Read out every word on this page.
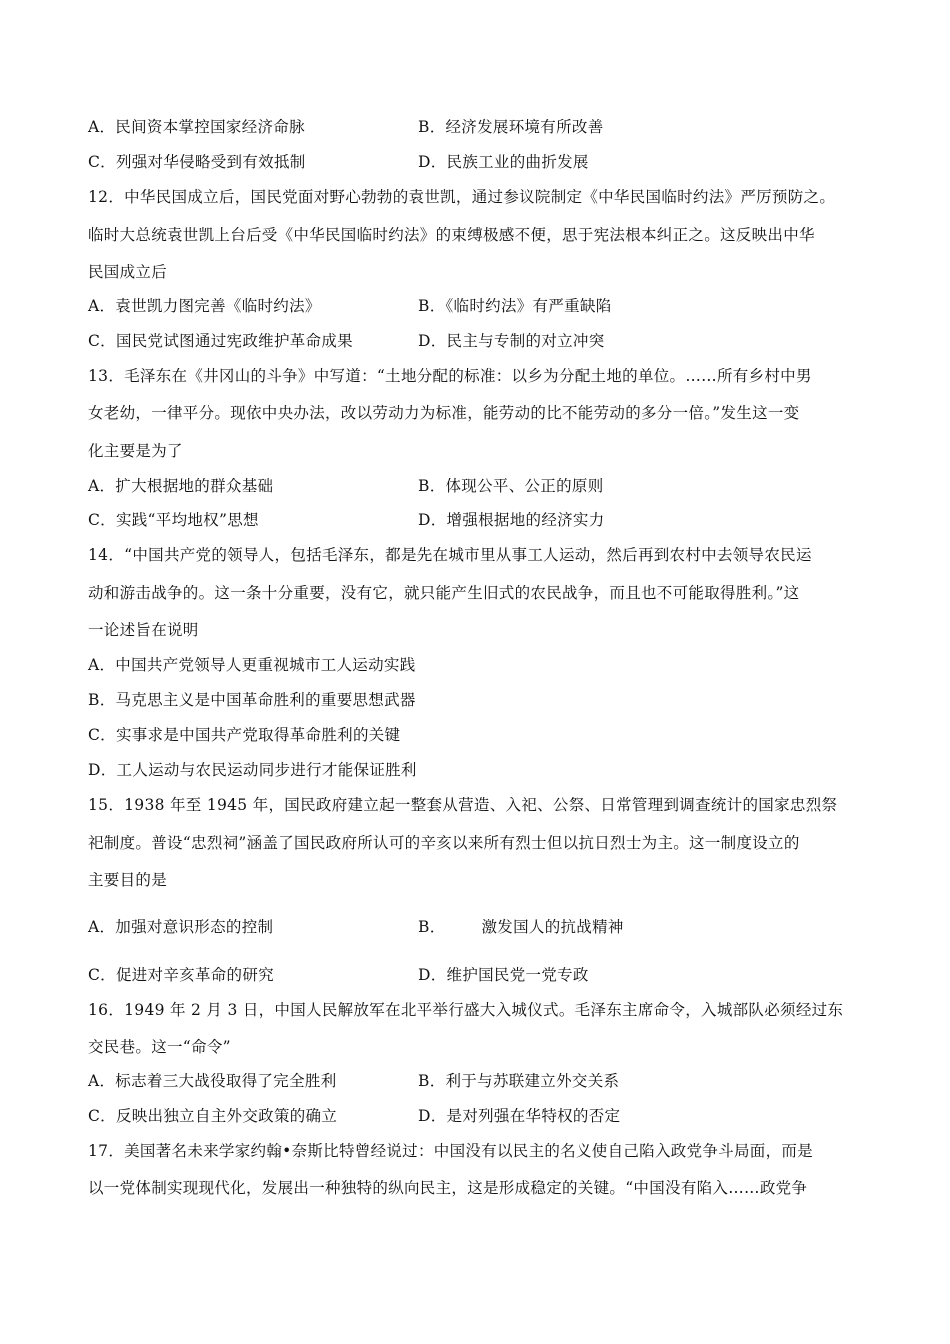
A．民间资本掌控国家经济命脉	B．经济发展环境有所改善
C．列强对华侵略受到有效抵制	D．民族工业的曲折发展
12．中华民国成立后，国民党面对野心勃勃的袁世凯，通过参议院制定《中华民国临时约法》严厉预防之。
临时大总统袁世凯上台后受《中华民国临时约法》的束缚极感不便，思于宪法根本纠正之。这反映出中华
民国成立后
A．袁世凯力图完善《临时约法》	B．《临时约法》有严重缺陷
C．国民党试图通过宪政维护革命成果	D．民主与专制的对立冲突
13．毛泽东在《井冈山的斗争》中写道：“土地分配的标准：以乡为分配土地的单位。……所有乡村中男
女老幼，一律平分。现依中央办法，改以劳动力为标准，能劳动的比不能劳动的多分一倍。”发生这一变
化主要是为了
A．扩大根据地的群众基础	B．体现公平、公正的原则
C．实践“平均地权”思想	D．增强根据地的经济实力
14．“中国共产党的领导人，包括毛泽东，都是先在城市里从事工人运动，然后再到农村中去领导农民运
动和游击战争的。这一条十分重要，没有它，就只能产生旧式的农民战争，而且也不可能取得胜利。”这
一论述旨在说明
A．中国共产党领导人更重视城市工人运动实践
B．马克思主义是中国革命胜利的重要思想武器
C．实事求是中国共产党取得革命胜利的关键
D．工人运动与农民运动同步进行才能保证胜利
15．1938 年至 1945 年，国民政府建立起一整套从营造、入祀、公祭、日常管理到调查统计的国家忠烈祭
祀制度。普设“忠烈祠”涵盖了国民政府所认可的辛亥以来所有烈士但以抗日烈士为主。这一制度设立的
主要目的是
A．加强对意识形态的控制	B． 激发国人的抗战精神
C．促进对辛亥革命的研究	D．维护国民党一党专政
16．1949 年 2 月 3 日，中国人民解放军在北平举行盛大入城仪式。毛泽东主席命令，入城部队必须经过东
交民巷。这一“命令”
A．标志着三大战役取得了完全胜利	B．利于与苏联建立外交关系
C．反映出独立自主外交政策的确立	D．是对列强在华特权的否定
17．美国著名未来学家约翰•奈斯比特曾经说过：中国没有以民主的名义使自己陷入政党争斗局面，而是
以一党体制实现现代化，发展出一种独特的纵向民主，这是形成稳定的关键。“中国没有陷入……政党争
